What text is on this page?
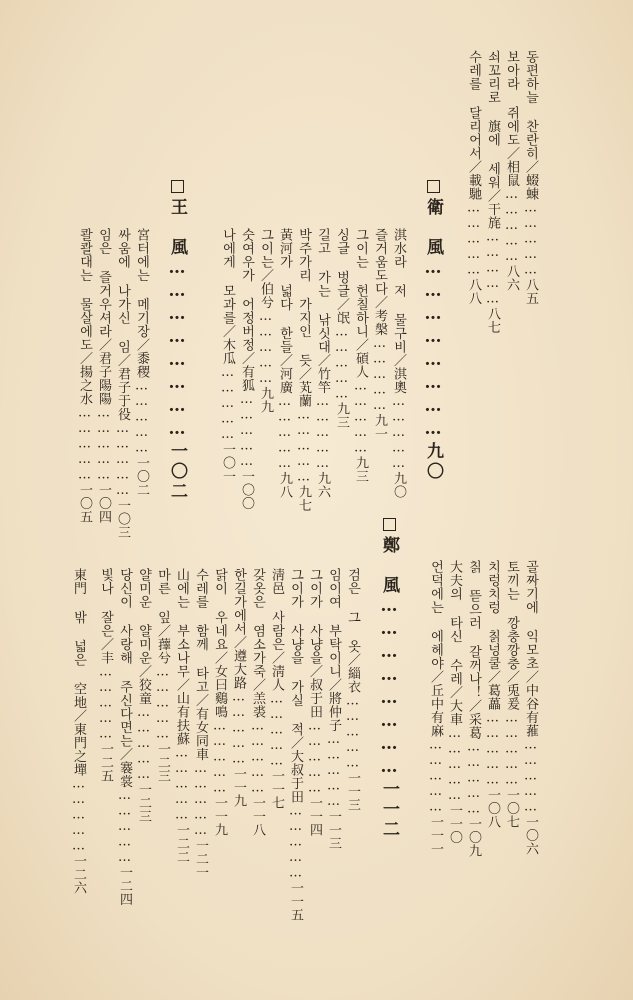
동편하늘 찬란히／蝃蝀……………八五
보아라 쥐에도／相鼠……………八六
쇠꼬리로 旗에 세워／干旄……………八七
수레를 달리어서／載馳……………八八
衛　風……………………九〇
淇水라 저 물구비／淇奧……………九〇
즐거움도다／考槃……………九一
그이는 헌칠하니／碩人……………九三
싱글 벙글／氓……………九三
길고 가는 낚싯대／竹竿……………九六
박주가리 가지인 듯／芄蘭……………九七
黃河가 넓다 한들／河廣……………九八
그이는／伯兮……………九九
숫여우가 어정버정／有狐……………一〇〇
나에게 모과를／木瓜……………一〇一
王　風……………………一〇二
宮터에는 메기장／黍稷……………一〇二
싸움에 나가신 임／君子于役……………一〇三
임은 즐거우셔라／君子陽陽……………一〇四
콸콸대는 물살에도／揚之水……………一〇五
골짜기에 익모초／中谷有蓷……………一〇六
토끼는 깡충깡충／兎爰……………一〇七
치렁치렁 칡넝쿨／葛藟……………一〇八
칡 뜯으러 갈꺼나！／采葛……………一〇九
大夫의 타신 수레／大車……………一一〇
언덕에는 에헤야／丘中有麻……………一一一
鄭　風……………………一一二
검은 그 옷／緇衣……………一一三
임이여 부탁이니／將仲子……………一一三
그이가 사냥을／叔于田……………一一四
그이가 사냥을 가실 적／大叔于田……………一一五
淸邑 사람은／淸人……………一一七
갖옷은 염소가죽／羔裘……………一一八
한길가에서／遵大路……………一一九
닭이 우네요／女曰鷄鳴……………一一九
수레를 함께 타고／有女同車……………一二一
山에는 부소나무／山有扶蘇……………一二二
마른 잎／蘀兮……………一二三
얄미운 얄미운／狡童……………一二三
당신이 사랑해 주신다면는／褰裳……………一二四
빛나 잘은／丰……………一二五
東門 밖 넓은 空地／東門之墠……………一二六
